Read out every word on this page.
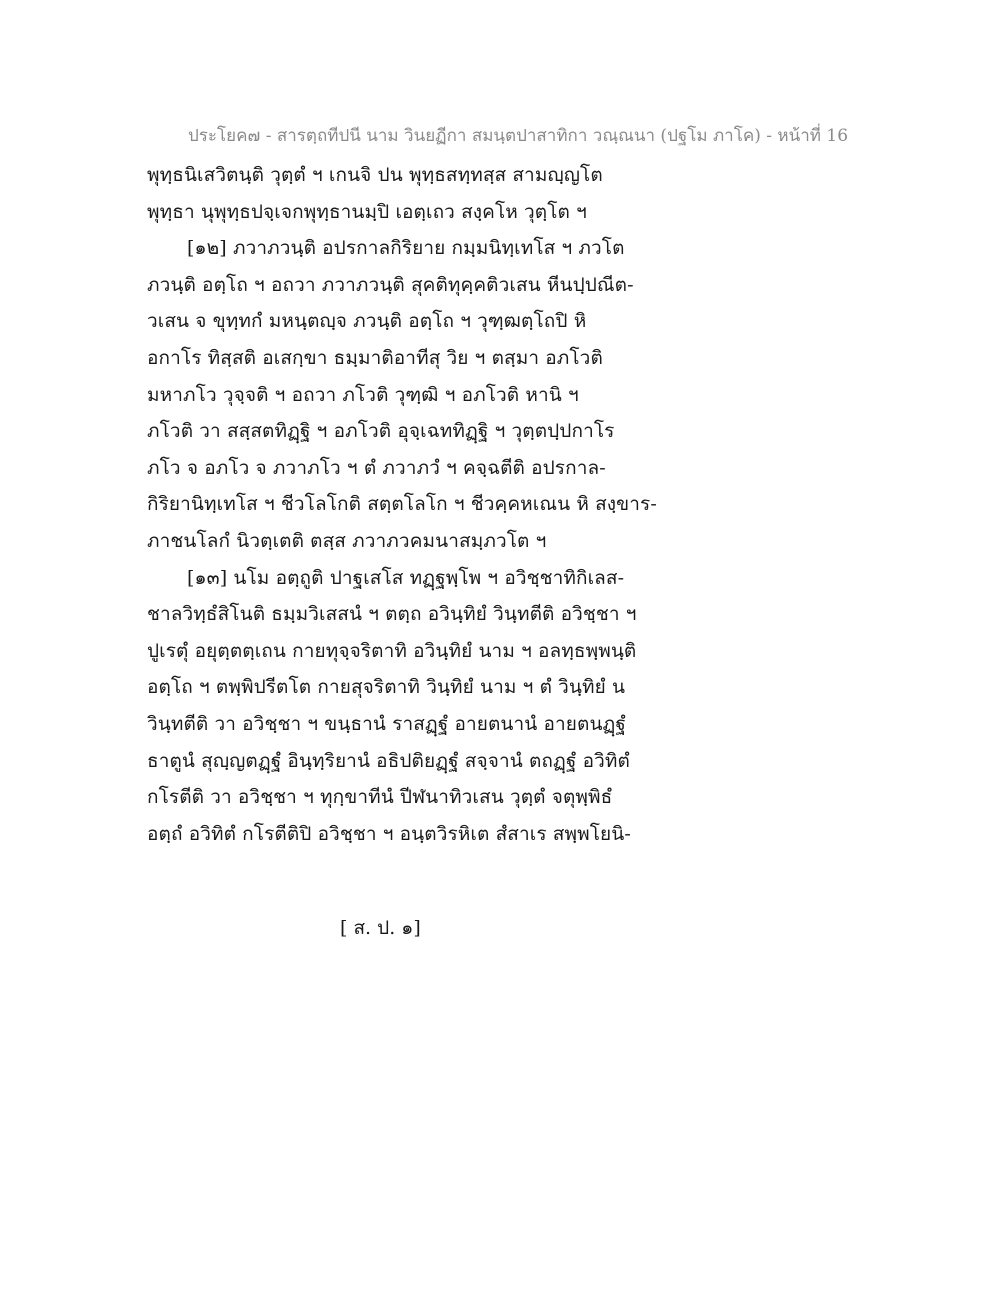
ประโยค๗ - สารตฺถทีปนี นาม วินยฏีกา สมนฺตปาสาทิกา วณฺณนา (ปฐโม ภาโค) - หน้าที่ 16
พุทฺธนิเสวิตนฺติ วุตฺตํ ฯ เกนจิ ปน พุทฺธสทฺทสฺส สามญฺญโต
พุทฺธา นุพุทฺธปจฺเจกพุทฺธานมฺปิ เอตฺเถว สงฺคโห วุตฺโต ฯ
[๑๒] ภวาภวนฺติ อปรกาลกิริยาย กมฺมนิทฺเทโส ฯ ภวโต
ภวนฺติ อตฺโถ ฯ อถวา ภวาภวนฺติ สุคติทุคฺคติวเสน หีนปฺปณีต-
วเสน จ ขุทฺทกํ มหนฺตญฺจ ภวนฺติ อตฺโถ ฯ วุฑฺฒตฺโถปิ หิ
อกาโร ทิสฺสติ อเสกฺขา ธมฺมาติอาทีสุ วิย ฯ ตสฺมา อภโวติ
มหาภโว วุจฺจติ ฯ อถวา ภโวติ วุฑฺฒิ ฯ อภโวติ หานิ ฯ
ภโวติ วา สสฺสตทิฏฺฐิ ฯ อภโวติ อุจฺเฉททิฏฺฐิ ฯ วุตฺตปฺปกาโร
ภโว จ อภโว จ ภวาภโว ฯ ตํ ภวาภวํ ฯ คจฺฉตีติ อปรกาล-
กิริยานิทฺเทโส ฯ ชีวโลโกติ สตฺตโลโก ฯ ชีวคฺคหเณน หิ สงฺขาร-
ภาชนโลกํ นิวตฺเตติ ตสฺส ภวาภวคมนาสมฺภวโต ฯ
[๑๓] นโม อตฺถูติ ปาฐเสโส ทฏฺฐพฺโพ ฯ อวิชฺชาทิกิเลส-
ชาลวิทฺธํสิโนติ ธมฺมวิเสสนํ ฯ ตตฺถ อวินฺทิยํ วินฺทตีติ อวิชฺชา ฯ
ปูเรตุํ อยุตฺตตฺเถน กายทุจฺจริตาทิ อวินฺทิยํ นาม ฯ อลทฺธพฺพนฺติ
อตฺโถ ฯ ตพฺพิปรีตโต กายสุจริตาทิ วินฺทิยํ นาม ฯ ตํ วินฺทิยํ น
วินฺทตีติ วา อวิชฺชา ฯ ขนฺธานํ ราสฏฺฐํ อายตนานํ อายตนฏฺฐํ
ธาตูนํ สุญฺญตฏฺฐํ อินฺทฺริยานํ อธิปติยฏฺฐํ สจฺจานํ ตถฏฺฐํ อวิทิตํ
กโรตีติ วา อวิชฺชา ฯ ทุกฺขาทีนํ ปีฬนาทิวเสน วุตฺตํ จตุพฺพิธํ
อตฺถํ อวิทิตํ กโรตีติปิ อวิชฺชา ฯ อนฺตวิรหิเต สํสาเร สพฺพโยนิ-
[ ส. ป. ๑]
